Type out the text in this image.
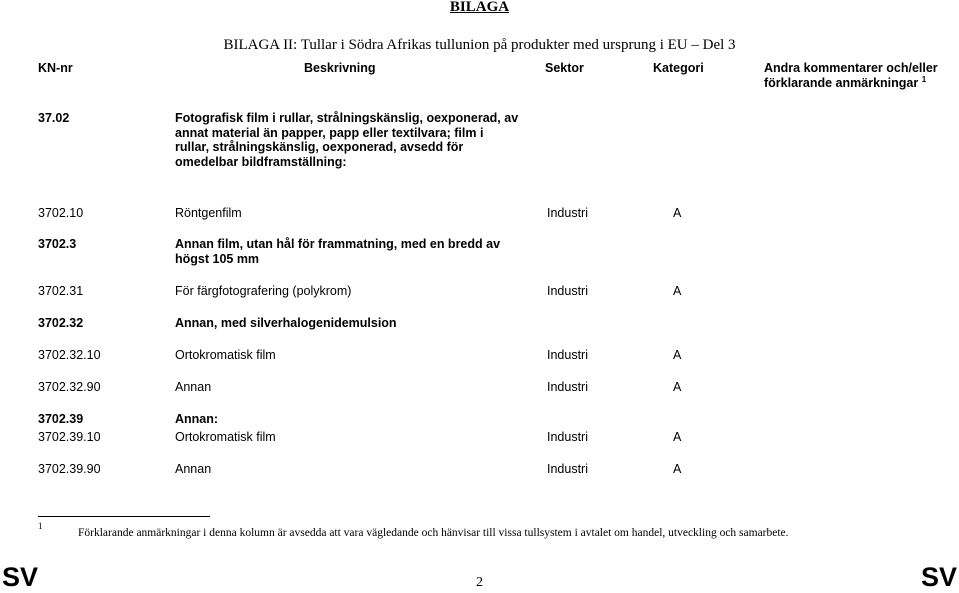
BILAGA
BILAGA II: Tullar i Södra Afrikas tullunion på produkter med ursprung i EU – Del 3
KN-nr	Beskrivning	Sektor	Kategori	Andra kommentarer och/eller
förklarande anmärkningar $^1$
37.02	Fotografisk film i rullar, strålningskänslig, oexponerad, av annat material än papper, papp eller textilvara; film i rullar, strålningskänslig, oexponerad, avsedd för omedelbar bildframställning:
3702.10	Röntgenfilm	Industri	A
3702.3	Annan film, utan hål för frammatning, med en bredd av högst 105 mm
3702.31	För färgfotografering (polykrom)	Industri	A
3702.32	Annan, med silverhalogenidemulsion
3702.32.10	Ortokromatisk film	Industri	A
3702.32.90	Annan	Industri	A
3702.39	Annan:
3702.39.10	Ortokromatisk film	Industri	A
3702.39.90	Annan	Industri	A
1
Förklarande anmärkningar i denna kolumn är avsedda att vara vägledande och hänvisar till vissa tullsystem i avtalet om handel, utveckling och samarbete.
SV	2	SV
